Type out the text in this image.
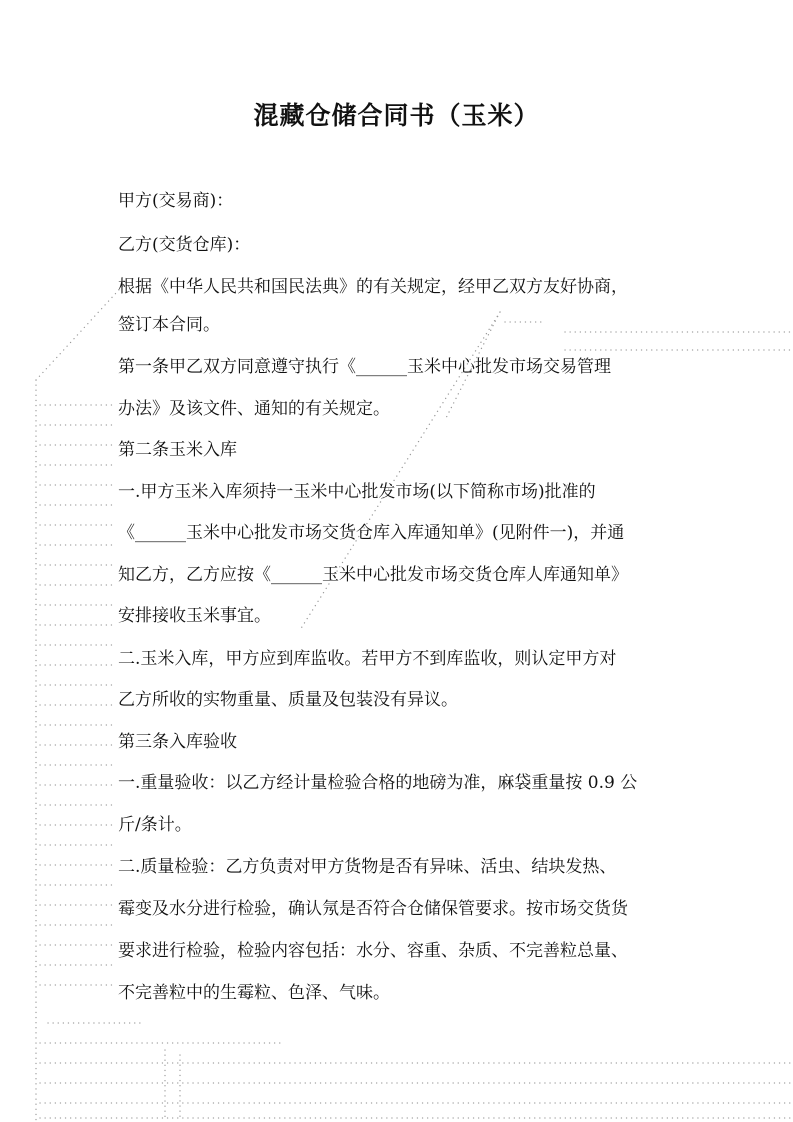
混藏仓储合同书（玉米）
甲方(交易商)：
乙方(交货仓库)：
根据《中华人民共和国民法典》的有关规定，经甲乙双方友好协商，
签订本合同。
第一条甲乙双方同意遵守执行《______玉米中心批发市场交易管理
办法》及该文件、通知的有关规定。
第二条玉米入库
一.甲方玉米入库须持一玉米中心批发市场(以下简称市场)批准的
《______玉米中心批发市场交货仓库入库通知单》(见附件一)，并通
知乙方，乙方应按《______玉米中心批发市场交货仓库人库通知单》
安排接收玉米事宜。
二.玉米入库，甲方应到库监收。若甲方不到库监收，则认定甲方对
乙方所收的实物重量、质量及包装没有异议。
第三条入库验收
一.重量验收：以乙方经计量检验合格的地磅为准，麻袋重量按 0.9 公
斤/条计。
二.质量检验：乙方负责对甲方货物是否有异味、活虫、结块发热、
霉变及水分进行检验，确认氖是否符合仓储保管要求。按市场交货货
要求进行检验，检验内容包括：水分、容重、杂质、不完善粒总量、
不完善粒中的生霉粒、色泽、气味。
